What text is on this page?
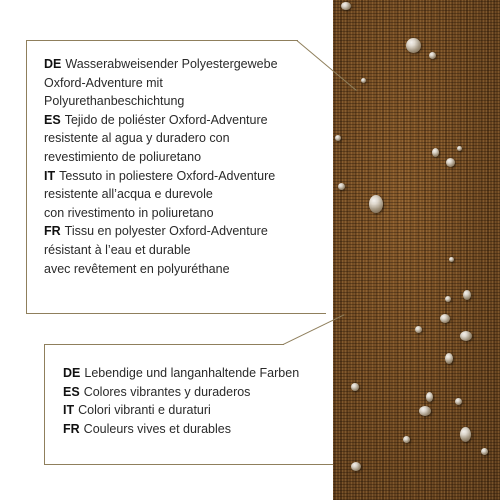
DE Wasserabweisender Polyestergewebe
Oxford-Adventure mit
Polyurethanbeschichtung
ES Tejido de poliéster Oxford-Adventure
resistente al agua y duradero con
revestimiento de poliuretano
IT Tessuto in poliestere Oxford-Adventure
resistente all’acqua e durevole
con rivestimento in poliuretano
FR Tissu en polyester Oxford-Adventure
résistant à l’eau et durable
avec revêtement en polyuréthane
DE Lebendige und langanhaltende Farben
ES Colores vibrantes y duraderos
IT Colori vibranti e duraturi
FR Couleurs vives et durables
